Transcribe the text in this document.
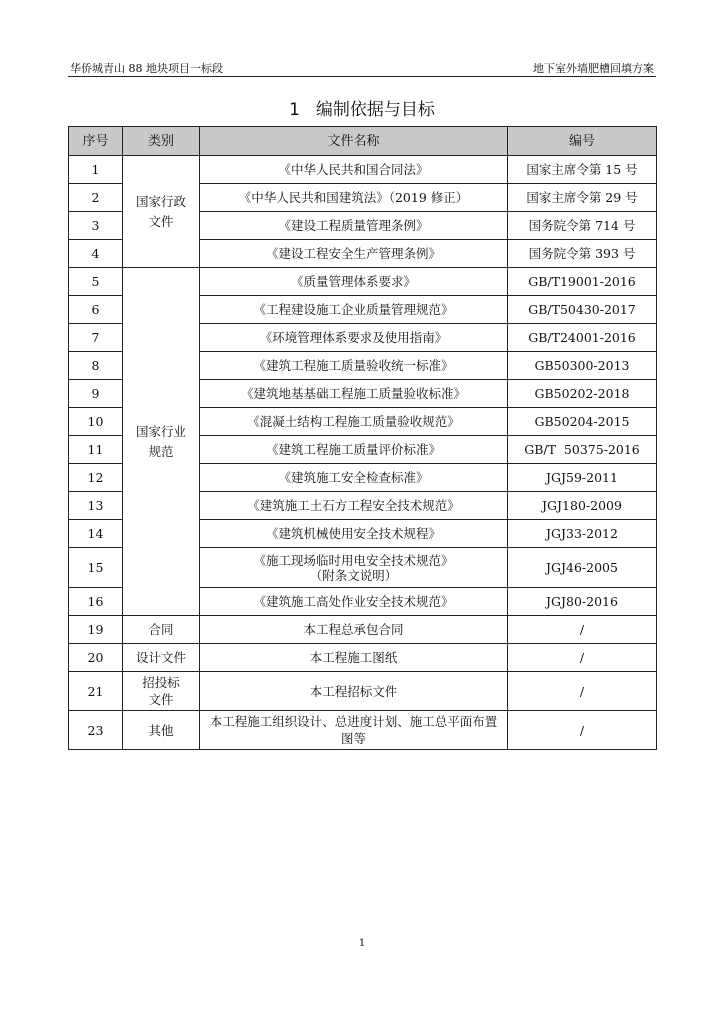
华侨城青山 88 地块项目一标段	地下室外墙肥槽回填方案
1 编制依据与目标
序号	类别	文件名称	编号
1	国家行政文件	《中华人民共和国合同法》	国家主席令第 15 号
2		《中华人民共和国建筑法》（2019 修正）	国家主席令第 29 号
3		《建设工程质量管理条例》	国务院令第 714 号
4		《建设工程安全生产管理条例》	国务院令第 393 号
5	国家行业规范	《质量管理体系要求》	GB/T19001-2016
6		《工程建设施工企业质量管理规范》	GB/T50430-2017
7		《环境管理体系要求及使用指南》	GB/T24001-2016
8		《建筑工程施工质量验收统一标准》	GB50300-2013
9		《建筑地基基础工程施工质量验收标准》	GB50202-2018
10		《混凝土结构工程施工质量验收规范》	GB50204-2015
11		《建筑工程施工质量评价标准》	GB/T  50375-2016
12		《建筑施工安全检查标准》	JGJ59-2011
13		《建筑施工土石方工程安全技术规范》	JGJ180-2009
14		《建筑机械使用安全技术规程》	JGJ33-2012
15		《施工现场临时用电安全技术规范》
（附条文说明）	JGJ46-2005
16		《建筑施工高处作业安全技术规范》	JGJ80-2016
19	合同	本工程总承包合同	/
20	设计文件	本工程施工图纸	/
21	招投标文件	本工程招标文件	/
23	其他	本工程施工组织设计、总进度计划、施工总平面布置图等	/
1
